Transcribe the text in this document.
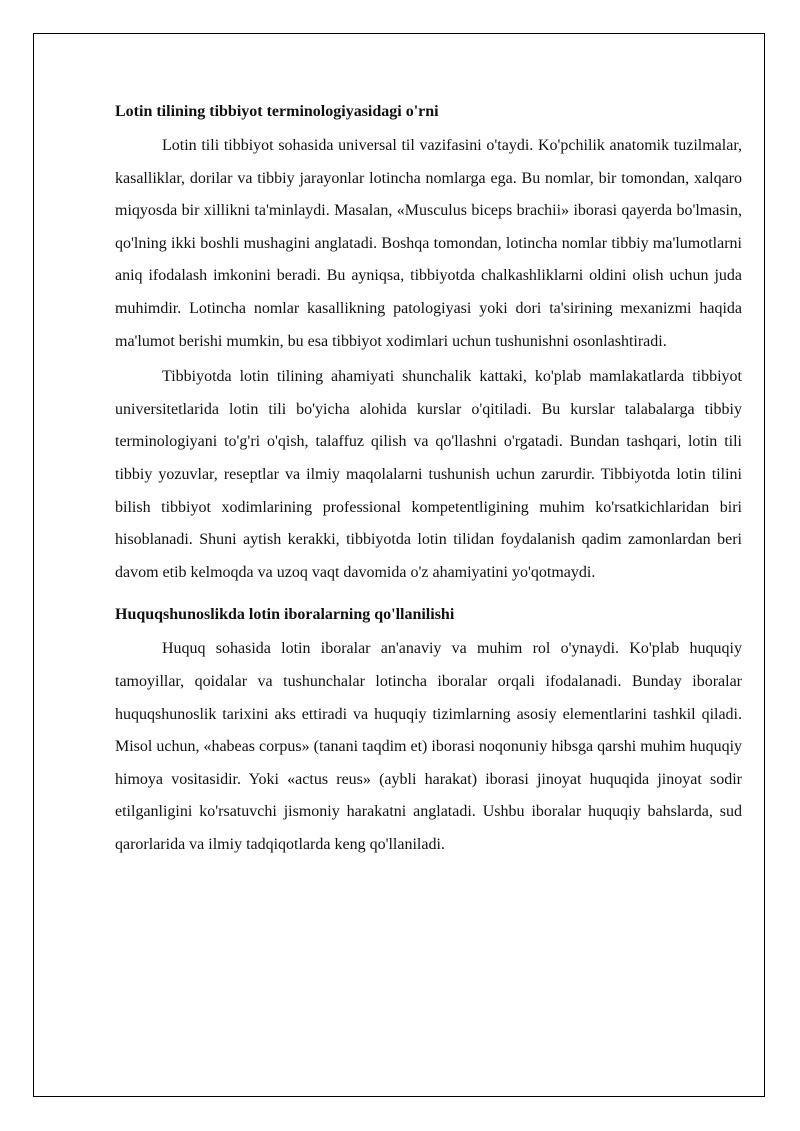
Lotin tilining tibbiyot terminologiyasidagi o'rni

Lotin tili tibbiyot sohasida universal til vazifasini o'taydi. Ko'pchilik anatomik tuzilmalar, kasalliklar, dorilar va tibbiy jarayonlar lotincha nomlarga ega. Bu nomlar, bir tomondan, xalqaro miqyosda bir xillikni ta'minlaydi. Masalan, «Musculus biceps brachii» iborasi qayerda bo'lmasin, qo'lning ikki boshli mushagini anglatadi. Boshqa tomondan, lotincha nomlar tibbiy ma'lumotlarni aniq ifodalash imkonini beradi. Bu ayniqsa, tibbiyotda chalkashliklarni oldini olish uchun juda muhimdir. Lotincha nomlar kasallikning patologiyasi yoki dori ta'sirining mexanizmi haqida ma'lumot berishi mumkin, bu esa tibbiyot xodimlari uchun tushunishni osonlashtiradi.

Tibbiyotda lotin tilining ahamiyati shunchalik kattaki, ko'plab mamlakatlarda tibbiyot universitetlarida lotin tili bo'yicha alohida kurslar o'qitiladi. Bu kurslar talabalarga tibbiy terminologiyani to'g'ri o'qish, talaffuz qilish va qo'llashni o'rgatadi. Bundan tashqari, lotin tili tibbiy yozuvlar, reseptlar va ilmiy maqolalarni tushunish uchun zarurdir. Tibbiyotda lotin tilini bilish tibbiyot xodimlarining professional kompetentligining muhim ko'rsatkichlaridan biri hisoblanadi. Shuni aytish kerakki, tibbiyotda lotin tilidan foydalanish qadim zamonlardan beri davom etib kelmoqda va uzoq vaqt davomida o'z ahamiyatini yo'qotmaydi.

Huquqshunoslikda lotin iboralarning qo'llanilishi

Huquq sohasida lotin iboralar an'anaviy va muhim rol o'ynaydi. Ko'plab huquqiy tamoyillar, qoidalar va tushunchalar lotincha iboralar orqali ifodalanadi. Bunday iboralar huquqshunoslik tarixini aks ettiradi va huquqiy tizimlarning asosiy elementlarini tashkil qiladi. Misol uchun, «habeas corpus» (tanani taqdim et) iborasi noqonuniy hibsga qarshi muhim huquqiy himoya vositasidir. Yoki «actus reus» (aybli harakat) iborasi jinoyat huquqida jinoyat sodir etilganligini ko'rsatuvchi jismoniy harakatni anglatadi. Ushbu iboralar huquqiy bahslarda, sud qarorlarida va ilmiy tadqiqotlarda keng qo'llaniladi.
